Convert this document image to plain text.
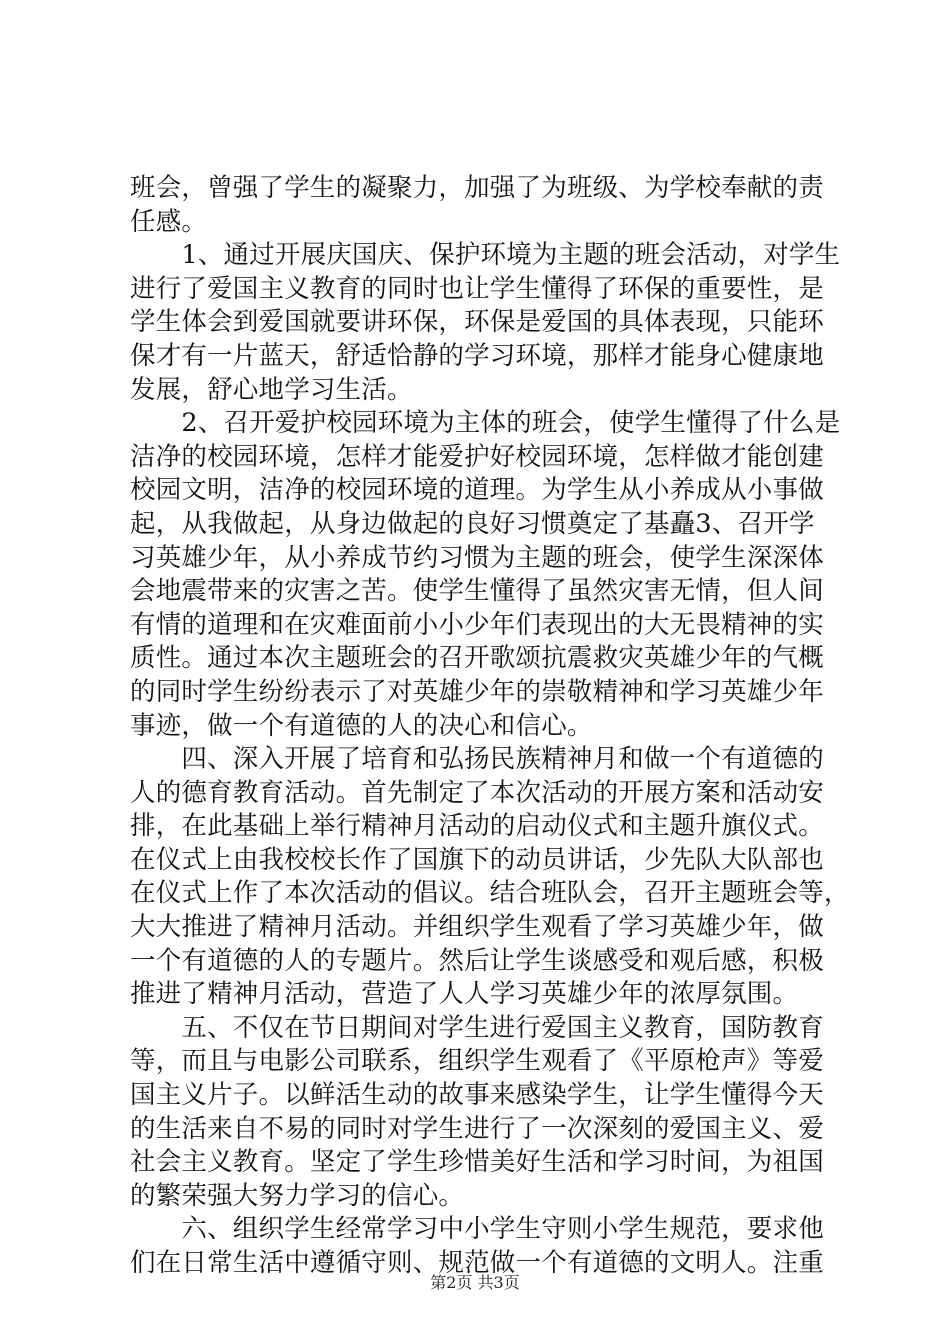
班会，曾强了学生的凝聚力，加强了为班级、为学校奉献的责
任感。
　　1、通过开展庆国庆、保护环境为主题的班会活动，对学生
进行了爱国主义教育的同时也让学生懂得了环保的重要性，是
学生体会到爱国就要讲环保，环保是爱国的具体表现，只能环
保才有一片蓝天，舒适恰静的学习环境，那样才能身心健康地
发展，舒心地学习生活。
　　2、召开爱护校园环境为主体的班会，使学生懂得了什么是
洁净的校园环境，怎样才能爱护好校园环境，怎样做才能创建
校园文明，洁净的校园环境的道理。为学生从小养成从小事做
起，从我做起，从身边做起的良好习惯奠定了基矗3、召开学
习英雄少年，从小养成节约习惯为主题的班会，使学生深深体
会地震带来的灾害之苦。使学生懂得了虽然灾害无情，但人间
有情的道理和在灾难面前小小少年们表现出的大无畏精神的实
质性。通过本次主题班会的召开歌颂抗震救灾英雄少年的气概
的同时学生纷纷表示了对英雄少年的崇敬精神和学习英雄少年
事迹，做一个有道德的人的决心和信心。
　　四、深入开展了培育和弘扬民族精神月和做一个有道德的
人的德育教育活动。首先制定了本次活动的开展方案和活动安
排，在此基础上举行精神月活动的启动仪式和主题升旗仪式。
在仪式上由我校校长作了国旗下的动员讲话，少先队大队部也
在仪式上作了本次活动的倡议。结合班队会，召开主题班会等，
大大推进了精神月活动。并组织学生观看了学习英雄少年，做
一个有道德的人的专题片。然后让学生谈感受和观后感，积极
推进了精神月活动，营造了人人学习英雄少年的浓厚氛围。
　　五、不仅在节日期间对学生进行爱国主义教育，国防教育
等，而且与电影公司联系，组织学生观看了《平原枪声》等爱
国主义片子。以鲜活生动的故事来感染学生，让学生懂得今天
的生活来自不易的同时对学生进行了一次深刻的爱国主义、爱
社会主义教育。坚定了学生珍惜美好生活和学习时间，为祖国
的繁荣强大努力学习的信心。
　　六、组织学生经常学习中小学生守则小学生规范，要求他
们在日常生活中遵循守则、规范做一个有道德的文明人。注重
第2页 共3页
